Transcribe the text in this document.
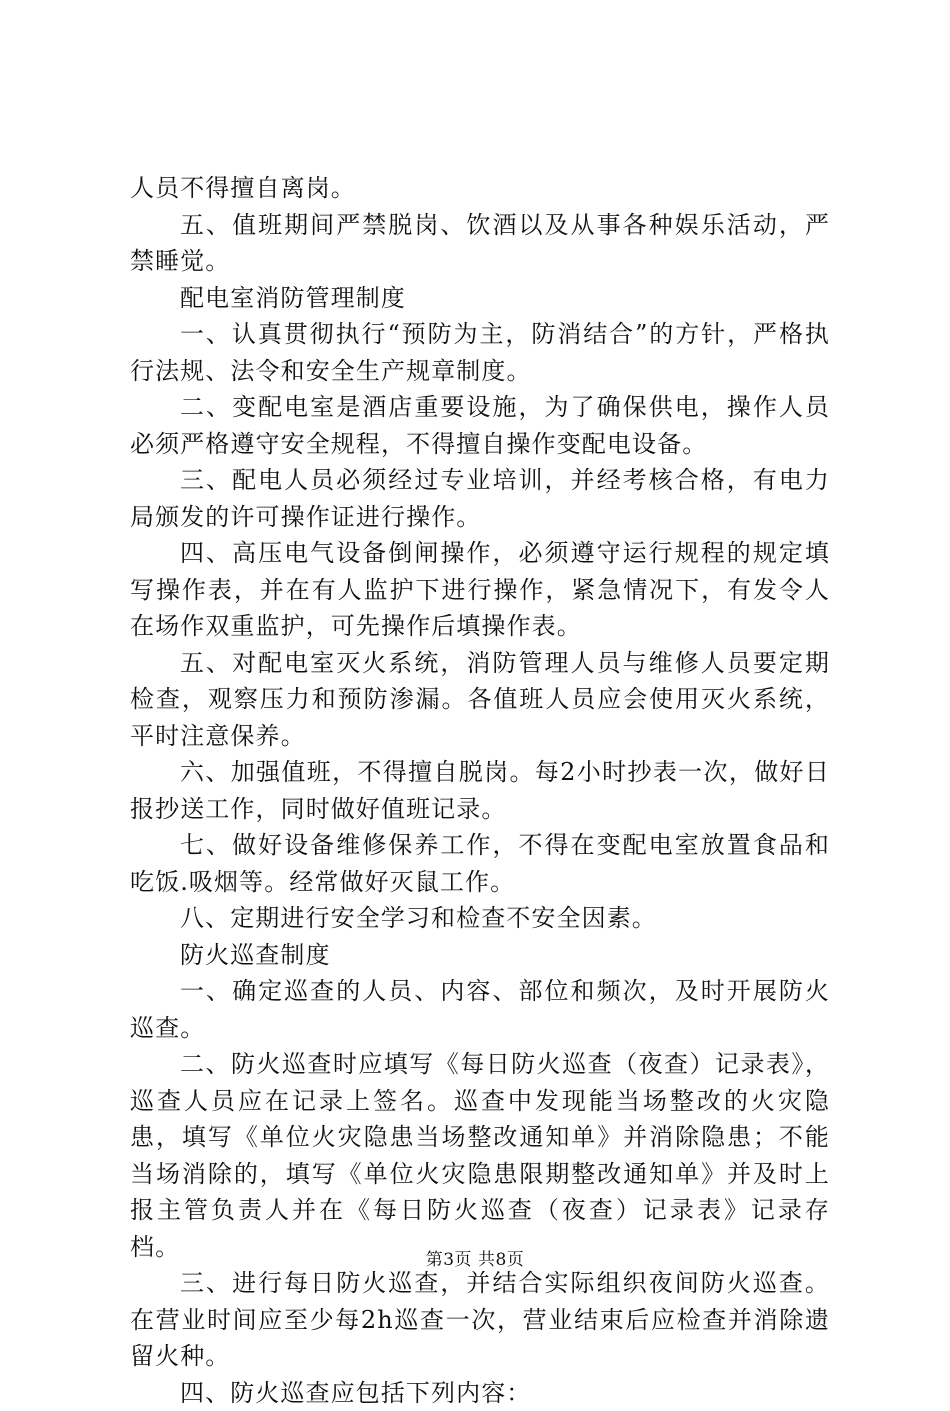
人员不得擅自离岗。

五、值班期间严禁脱岗、饮酒以及从事各种娱乐活动，严禁睡觉。

配电室消防管理制度

一、认真贯彻执行“预防为主，防消结合”的方针，严格执行法规、法令和安全生产规章制度。

二、变配电室是酒店重要设施，为了确保供电，操作人员必须严格遵守安全规程，不得擅自操作变配电设备。

三、配电人员必须经过专业培训，并经考核合格，有电力局颁发的许可操作证进行操作。

四、高压电气设备倒闸操作，必须遵守运行规程的规定填写操作表，并在有人监护下进行操作，紧急情况下，有发令人在场作双重监护，可先操作后填操作表。

五、对配电室灭火系统，消防管理人员与维修人员要定期检查，观察压力和预防渗漏。各值班人员应会使用灭火系统，平时注意保养。

六、加强值班，不得擅自脱岗。每2小时抄表一次，做好日报抄送工作，同时做好值班记录。

七、做好设备维修保养工作，不得在变配电室放置食品和吃饭.吸烟等。经常做好灭鼠工作。

八、定期进行安全学习和检查不安全因素。

防火巡查制度

一、确定巡查的人员、内容、部位和频次，及时开展防火巡查。

二、防火巡查时应填写《每日防火巡查（夜查）记录表》，巡查人员应在记录上签名。巡查中发现能当场整改的火灾隐患，填写《单位火灾隐患当场整改通知单》并消除隐患；不能当场消除的，填写《单位火灾隐患限期整改通知单》并及时上报主管负责人并在《每日防火巡查（夜查）记录表》记录存档。

三、进行每日防火巡查，并结合实际组织夜间防火巡查。在营业时间应至少每2h巡查一次，营业结束后应检查并消除遗留火种。

四、防火巡查应包括下列内容：

第3页 共8页
